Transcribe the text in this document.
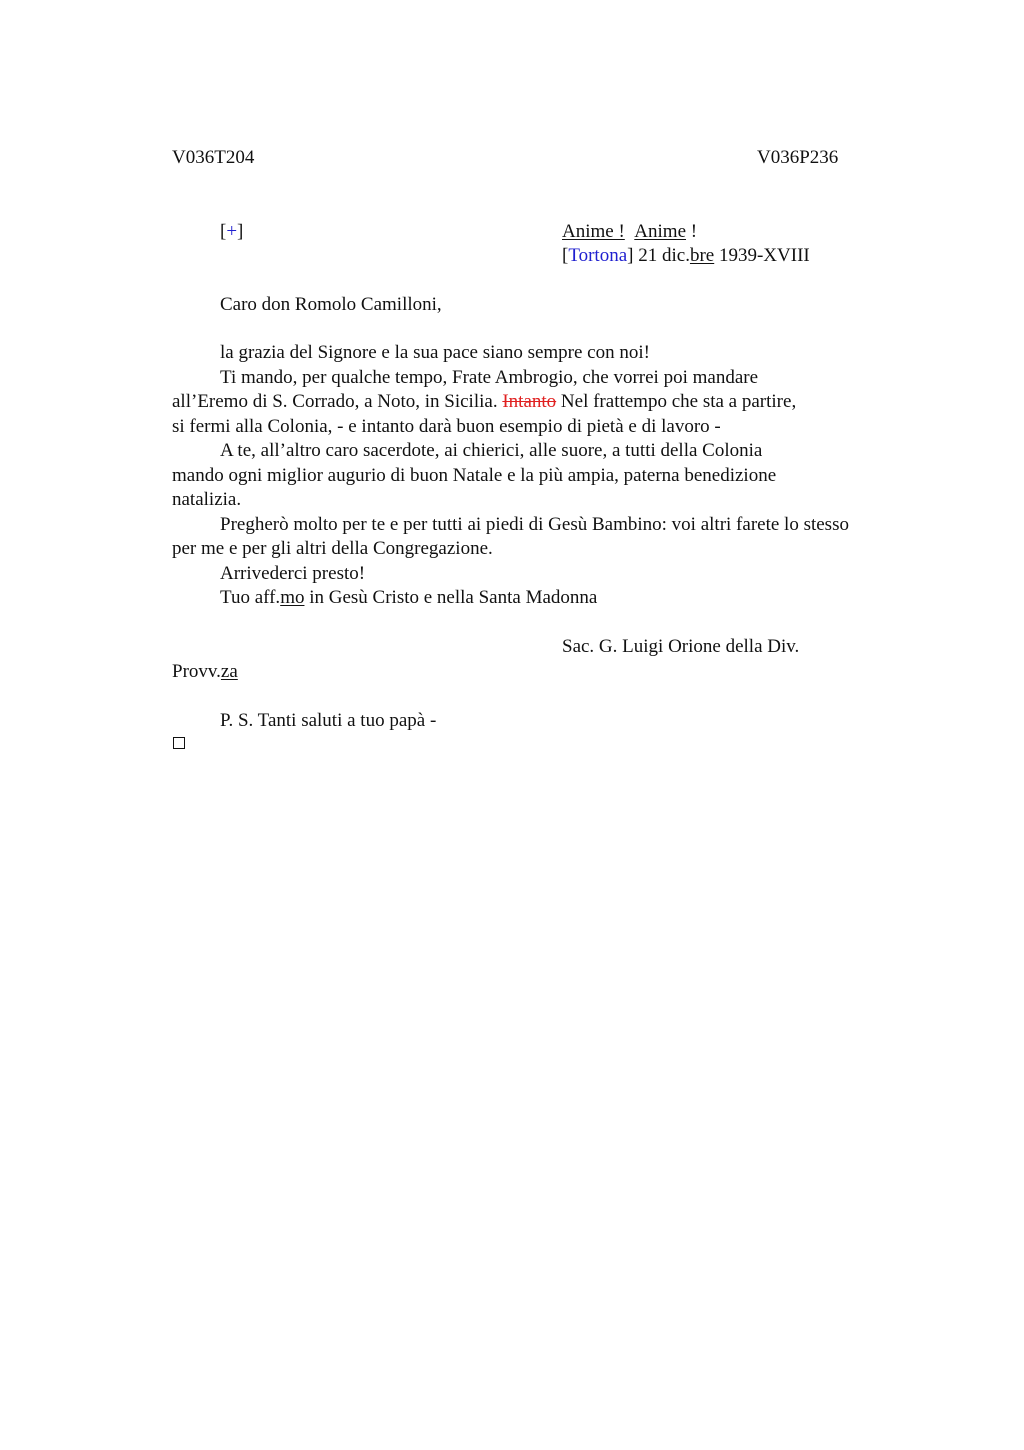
V036T204	V036P236
[+]	Anime ! Anime !
[Tortona] 21 dic.bre 1939-XVIII
Caro don Romolo Camilloni,
la grazia del Signore e la sua pace siano sempre con noi!
Ti mando, per qualche tempo, Frate Ambrogio, che vorrei poi mandare
all’Eremo di S. Corrado, a Noto, in Sicilia. Intanto Nel frattempo che sta a partire,
si fermi alla Colonia, - e intanto darà buon esempio di pietà e di lavoro -
A te, all’altro caro sacerdote, ai chierici, alle suore, a tutti della Colonia
mando ogni miglior augurio di buon Natale e la più ampia, paterna benedizione
natalizia.
Pregherò molto per te e per tutti ai piedi di Gesù Bambino: voi altri farete lo stesso
per me e per gli altri della Congregazione.
Arrivederci presto!
Tuo aff.mo in Gesù Cristo e nella Santa Madonna
Sac. G. Luigi Orione della Div.
Provv.za
P. S. Tanti saluti a tuo papà -
